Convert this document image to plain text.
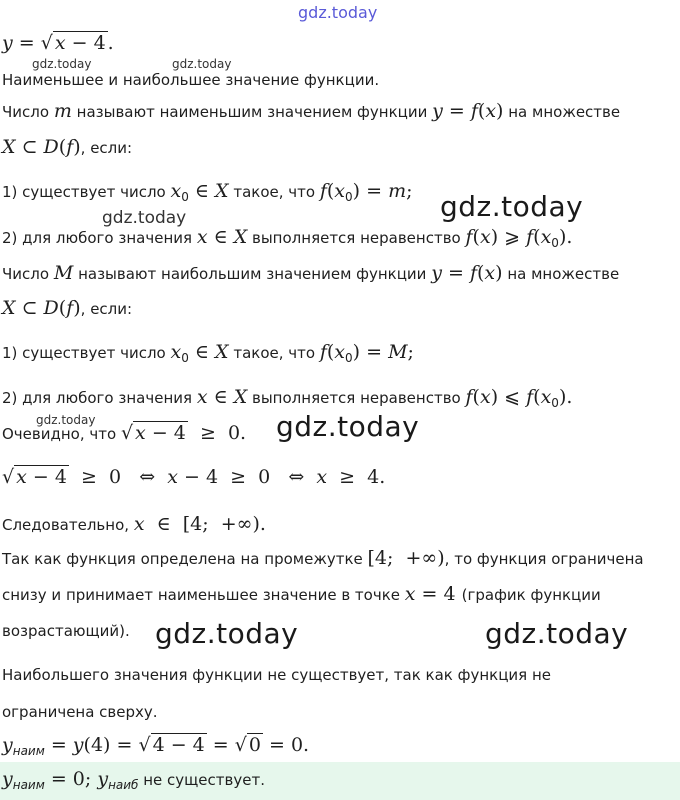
gdz.today
y = √ x − 4 .
gdz.today	gdz.today
Наименьшее и наибольшее значение функции.
Число m называют наименьшим значением функции y = f(x) на множестве
X ⊂ D(f), если:
1) существует число $x_0$ ∈ X такое, что $f(x_0) = m$; gdz.today
gdz.today
2) для любого значения x ∈ X выполняется неравенство f(x) ⩾ $f(x_0)$.
Число M называют наибольшим значением функции y = f(x) на множестве
X ⊂ D(f), если:
1) существует число $x_0$ ∈ X такое, что $f(x_0) = M$;
2) для любого значения x ∈ X выполняется неравенство f(x) ⩽ $f(x_0)$.
gdz.today
Очевидно, что √ x − 4  ≥  0. gdz.today
√ x − 4  ≥  0   ⇔  x − 4  ≥  0   ⇔  x  ≥  4.
Следовательно, x  ∈  [4;  +∞).
Так как функция определена на промежутке [4;  +∞), то функция ограничена
снизу и принимает наименьшее значение в точке x = 4 (график функции
возрастающий). gdz.today	gdz.today
Наибольшего значения функции не существует, так как функция не
ограничена сверху.
$y_{наим} = y(4)$ = √ 4 − 4 = √ 0 = 0.
$y_{наим} = 0$; $y_{наиб}$ не существует.
